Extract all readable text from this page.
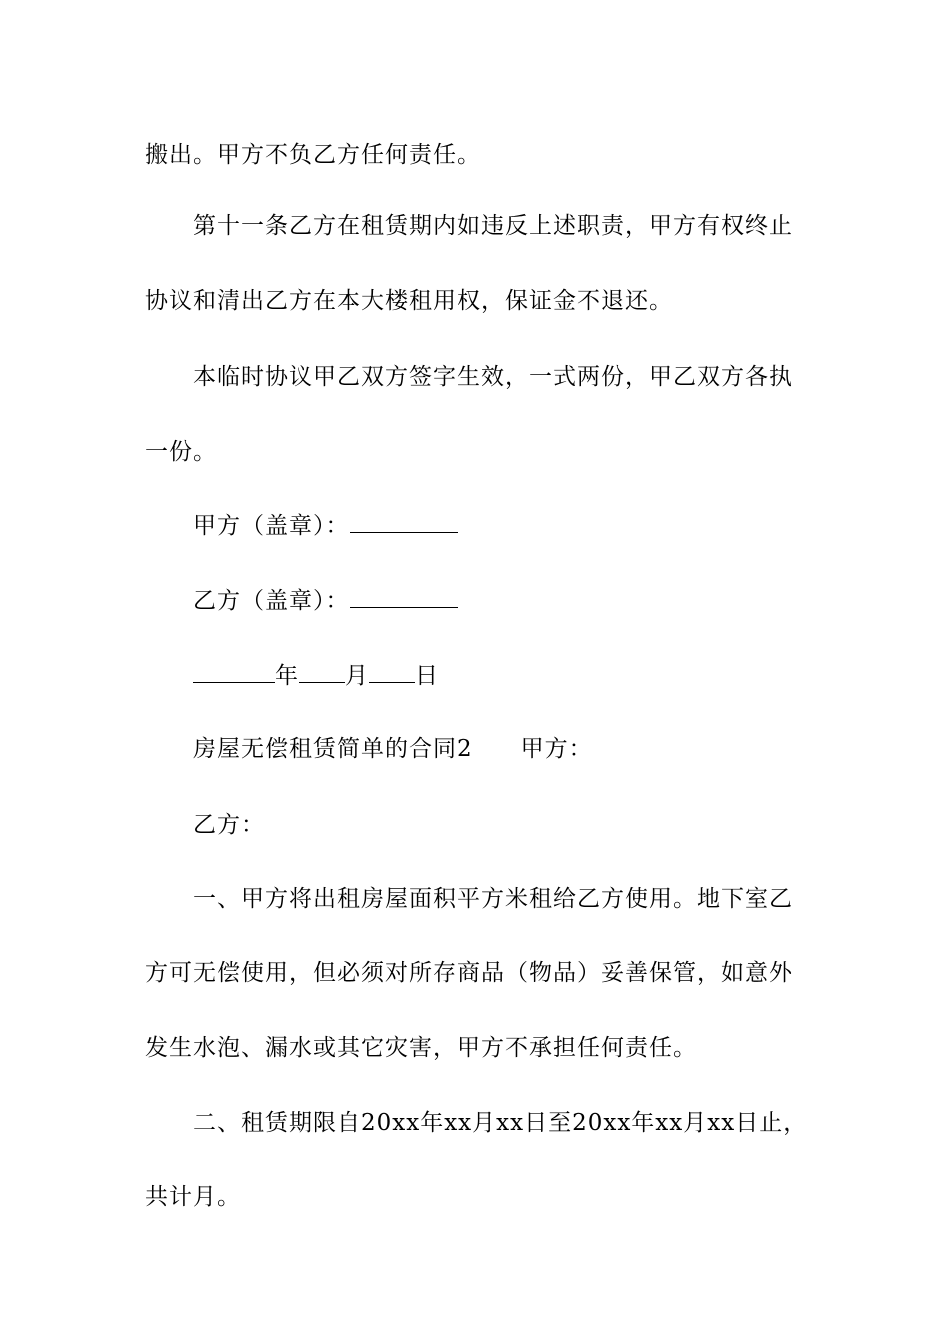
搬出。甲方不负乙方任何责任。
第十一条乙方在租赁期内如违反上述职责，甲方有权终止
协议和清出乙方在本大楼租用权，保证金不退还。
本临时协议甲乙双方签字生效，一式两份，甲乙双方各执
一份。
甲方（盖章）：
乙方（盖章）：
年 月 日
房屋无偿租赁简单的合同2 甲方：
乙方：
一、甲方将出租房屋面积平方米租给乙方使用。地下室乙
方可无偿使用，但必须对所存商品（物品）妥善保管，如意外
发生水泡、漏水或其它灾害，甲方不承担任何责任。
二、租赁期限自20xx年xx月xx日至20xx年xx月xx日止，
共计月。
